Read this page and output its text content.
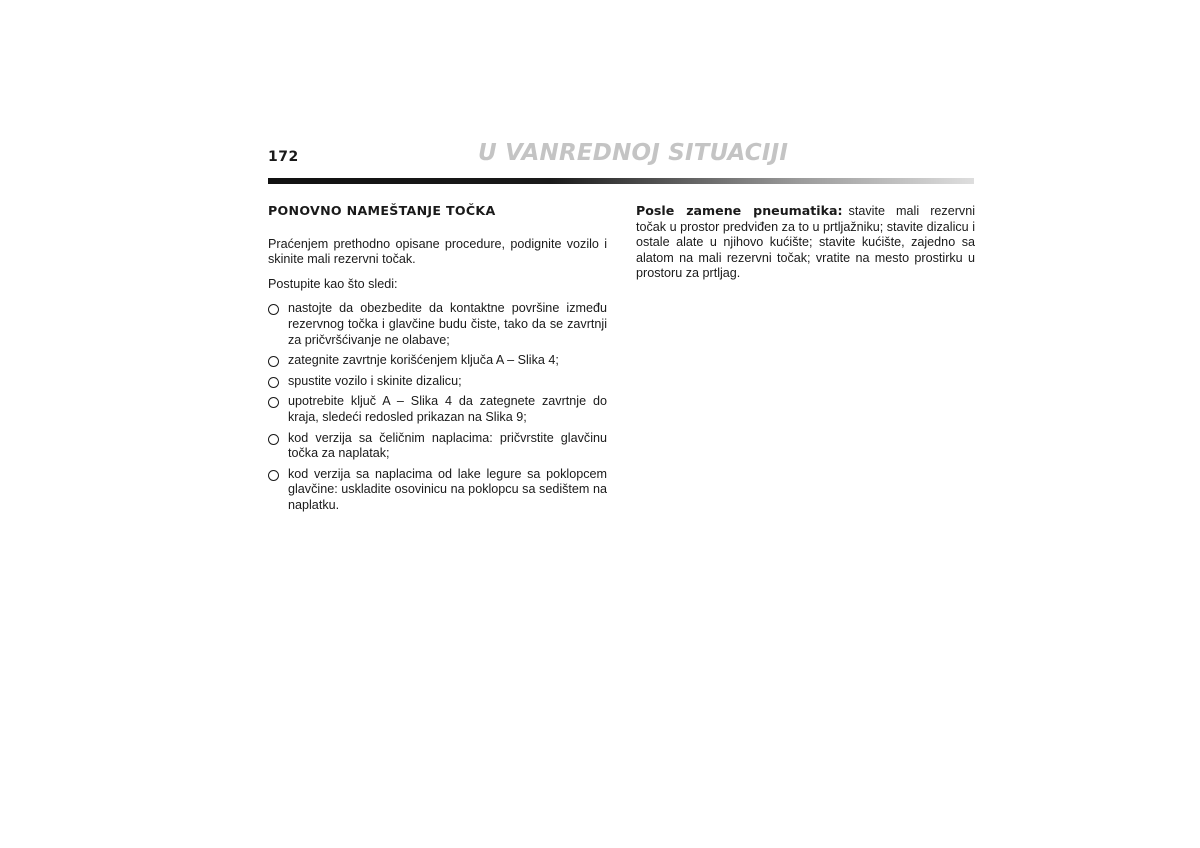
172	U VANREDNOJ SITUACIJI
PONOVNO NAMEŠTANJE TOČKA

Praćenjem prethodno opisane procedure, podignite vozilo i skinite mali rezervni točak.

Postupite kao što sledi:

nastojte da obezbedite da kontaktne površine između rezervnog točka i glavčine budu čiste, tako da se zavrtnji za pričvršćivanje ne olabave;
zategnite zavrtnje korišćenjem ključa A – Slika 4;
spustite vozilo i skinite dizalicu;
upotrebite ključ A – Slika 4 da zategnete zavrtnje do kraja, sledeći redosled prikazan na Slika 9;
kod verzija sa čeličnim naplacima: pričvrstite glavčinu točka za naplatak;
kod verzija sa naplacima od lake legure sa poklopcem glavčine: uskladite osovinicu na poklopcu sa sedištem na naplatku.

Posle zamene pneumatika: stavite mali rezervni točak u prostor predviđen za to u prtljažniku; stavite dizalicu i ostale alate u njihovo kućište; stavite kućište, zajedno sa alatom na mali rezervni točak; vratite na mesto prostirku u prostoru za prtljag.
